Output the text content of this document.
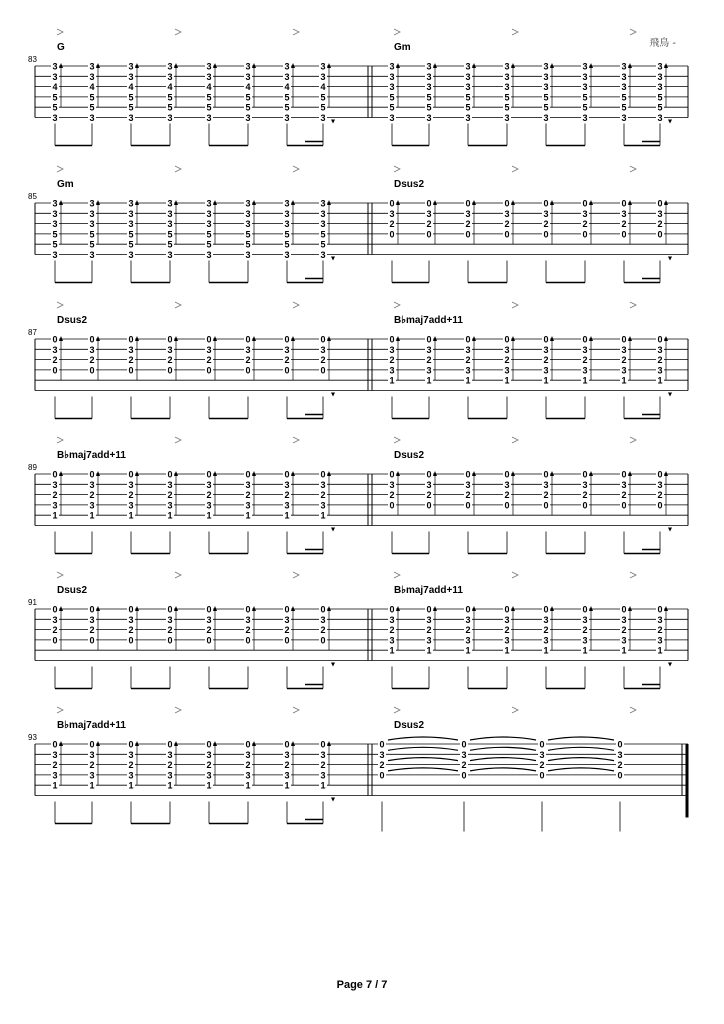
飛鳥 -
83
G
3
3
4
5
5
3
3
3
4
5
5
3
3
3
4
5
5
3
3
3
4
5
5
3
3
3
4
5
5
3
3
3
4
5
5
3
3
3
4
5
5
3
3
3
4
5
5
3
Gm
3
3
3
5
5
3
3
3
3
5
5
3
3
3
3
5
5
3
3
3
3
5
5
3
3
3
3
5
5
3
3
3
3
5
5
3
3
3
3
5
5
3
3
3
3
5
5
3
85
Gm
3
3
3
5
5
3
3
3
3
5
5
3
3
3
3
5
5
3
3
3
3
5
5
3
3
3
3
5
5
3
3
3
3
5
5
3
3
3
3
5
5
3
3
3
3
5
5
3
Dsus2
0
3
2
0
0
3
2
0
0
3
2
0
0
3
2
0
0
3
2
0
0
3
2
0
0
3
2
0
0
3
2
0
87
Dsus2
0
3
2
0
0
3
2
0
0
3
2
0
0
3
2
0
0
3
2
0
0
3
2
0
0
3
2
0
0
3
2
0
B♭maj7add+11
0
3
2
3
1
0
3
2
3
1
0
3
2
3
1
0
3
2
3
1
0
3
2
3
1
0
3
2
3
1
0
3
2
3
1
0
3
2
3
1
89
B♭maj7add+11
0
3
2
3
1
0
3
2
3
1
0
3
2
3
1
0
3
2
3
1
0
3
2
3
1
0
3
2
3
1
0
3
2
3
1
0
3
2
3
1
Dsus2
0
3
2
0
0
3
2
0
0
3
2
0
0
3
2
0
0
3
2
0
0
3
2
0
0
3
2
0
0
3
2
0
91
Dsus2
0
3
2
0
0
3
2
0
0
3
2
0
0
3
2
0
0
3
2
0
0
3
2
0
0
3
2
0
0
3
2
0
B♭maj7add+11
0
3
2
3
1
0
3
2
3
1
0
3
2
3
1
0
3
2
3
1
0
3
2
3
1
0
3
2
3
1
0
3
2
3
1
0
3
2
3
1
93
B♭maj7add+11
0
3
2
3
1
0
3
2
3
1
0
3
2
3
1
0
3
2
3
1
0
3
2
3
1
0
3
2
3
1
0
3
2
3
1
0
3
2
3
1
Dsus2
0
3
2
0
0
3
2
0
0
3
2
0
0
3
2
0
Page 7 / 7
